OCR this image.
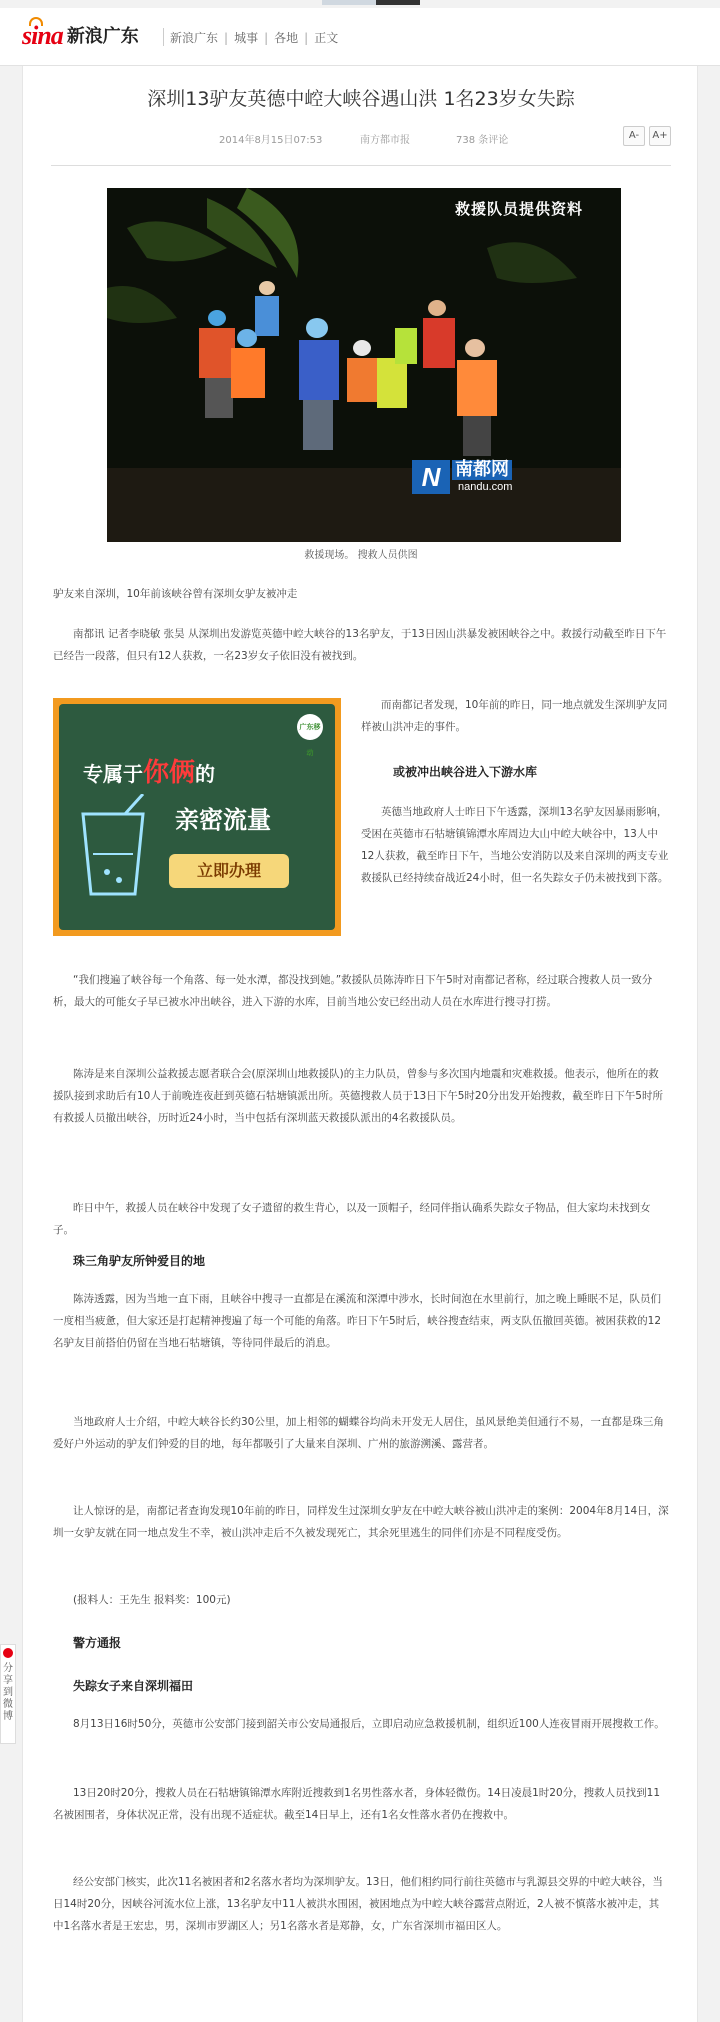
sina 新浪广东	新浪广东 | 城事 | 各地 | 正文
深圳13驴友英德中崆大峡谷遇山洪 1名23岁女失踪
2014年8月15日07:53	南方都市报	738 条评论	A-	A+
救援队员提供资料
N 南都网
nandu.com
救援现场。 搜救人员供图
驴友来自深圳，10年前该峡谷曾有深圳女驴友被冲走
南都讯 记者李晓敏 张昊 从深圳出发游览英德中崆大峡谷的13名驴友，于13日因山洪暴发被困峡谷之中。救援行动截至昨日下午已经告一段落，但只有12人获救，一名23岁女子依旧没有被找到。
广东移动
专属于你俩的
亲密流量
立即办理
而南都记者发现，10年前的昨日，同一地点就发生深圳驴友同样被山洪冲走的事件。
或被冲出峡谷进入下游水库
英德当地政府人士昨日下午透露，深圳13名驴友因暴雨影响，受困在英德市石牯塘镇锦潭水库周边大山中崆大峡谷中，13人中12人获救，截至昨日下午，当地公安消防以及来自深圳的两支专业救援队已经持续奋战近24小时，但一名失踪女子仍未被找到下落。
“我们搜遍了峡谷每一个角落、每一处水潭，都没找到她。”救援队员陈涛昨日下午5时对南都记者称，经过联合搜救人员一致分析，最大的可能女子早已被水冲出峡谷，进入下游的水库，目前当地公安已经出动人员在水库进行搜寻打捞。
陈涛是来自深圳公益救援志愿者联合会(原深圳山地救援队)的主力队员，曾参与多次国内地震和灾难救援。他表示，他所在的救援队接到求助后有10人于前晚连夜赶到英德石牯塘镇派出所。英德搜救人员于13日下午5时20分出发开始搜救，截至昨日下午5时所有救援人员撤出峡谷，历时近24小时，当中包括有深圳蓝天救援队派出的4名救援队员。
昨日中午，救援人员在峡谷中发现了女子遗留的救生背心，以及一顶帽子，经同伴指认确系失踪女子物品，但大家均未找到女子。
珠三角驴友所钟爱目的地
陈涛透露，因为当地一直下雨，且峡谷中搜寻一直都是在溪流和深潭中涉水，长时间泡在水里前行，加之晚上睡眠不足，队员们一度相当疲惫，但大家还是打起精神搜遍了每一个可能的角落。昨日下午5时后，峡谷搜查结束，两支队伍撤回英德。被困获救的12名驴友目前搭伯仍留在当地石牯塘镇，等待同伴最后的消息。
当地政府人士介绍，中崆大峡谷长约30公里，加上相邻的蝴蝶谷均尚未开发无人居住，虽风景绝美但通行不易，一直都是珠三角爱好户外运动的驴友们钟爱的目的地，每年都吸引了大量来自深圳、广州的旅游溯溪、露营者。
让人惊讶的是，南都记者查询发现10年前的昨日，同样发生过深圳女驴友在中崆大峡谷被山洪冲走的案例：2004年8月14日，深圳一女驴友就在同一地点发生不幸，被山洪冲走后不久被发现死亡，其余死里逃生的同伴们亦是不同程度受伤。
(报料人：王先生 报料奖：100元)
警方通报
失踪女子来自深圳福田
8月13日16时50分，英德市公安部门接到韶关市公安局通报后，立即启动应急救援机制，组织近100人连夜冒雨开展搜救工作。
13日20时20分，搜救人员在石牯塘镇锦潭水库附近搜救到1名男性落水者，身体轻微伤。14日凌晨1时20分，搜救人员找到11名被困围者，身体状况正常，没有出现不适症状。截至14日早上，还有1名女性落水者仍在搜救中。
经公安部门核实，此次11名被困者和2名落水者均为深圳驴友。13日，他们相约同行前往英德市与乳源县交界的中崆大峡谷，当日14时20分，因峡谷河流水位上涨，13名驴友中11人被洪水围困，被困地点为中崆大峡谷露营点附近，2人被不慎落水被冲走，其中1名落水者是王宏忠，男，深圳市罗湖区人；另1名落水者是郑静，女，广东省深圳市福田区人。
分享到微博
